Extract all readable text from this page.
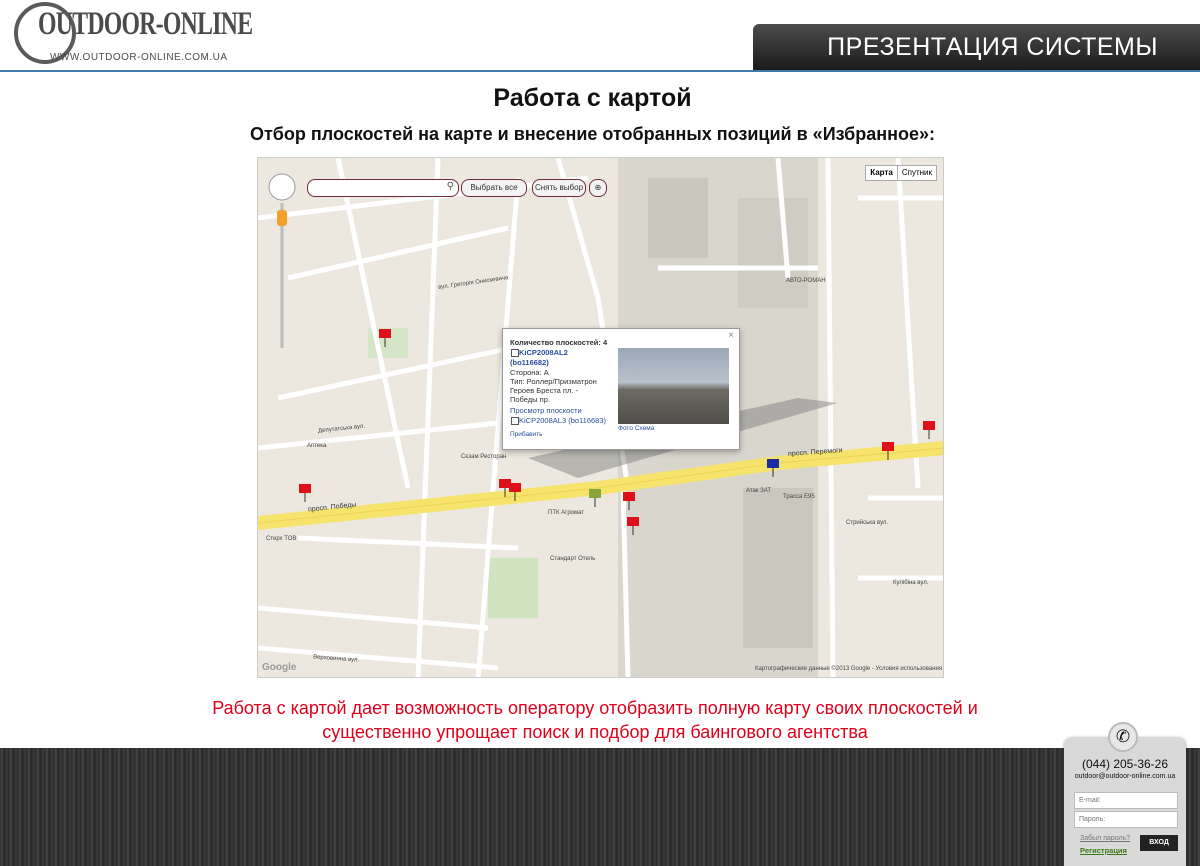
OUTDOOR-ONLINE
WWW.OUTDOOR-ONLINE.COM.UA	ПРЕЗЕНТАЦИЯ СИСТЕМЫ
Работа с картой
Отбор плоскостей на карте и внесение отобранных позиций в «Избранное»:
⚲	Выбрать все	Снять выбор	⊕
Карта	Спутник
просп. Победы
просп. Перемоги
вул. Грегорія Онискевича
Депутатська вул.
Верховинна вул.
Стрийська вул.
Кулібіна вул.
Трасса Е95
АВТО-РОМАН
Атак ЗАТ
ПТК Агромат
Стандарт Отель
Сєзам Ресторан
Аптека
Стерх ТОВ
×
Количество плоскостей: 4
KiCP2008AL2
(bo116682)
Сторона: А
Тип: Роллер/Призматрон
Героев Бреста пл. - Победы пр.
Просмотр плоскости
KiCP2008AL3 (bo116683)
Прибавить
Фото Схема
Google	Картографические данные ©2013 Google - Условия использования
Работа с картой дает возможность оператору отобразить полную карту своих плоскостей и
существенно упрощает поиск и подбор для баингового агентства	✆
(044) 205-36-26
outdoor@outdoor-online.com.ua
E-mail:
Забыл пароль?
Регистрация
ВХОД
